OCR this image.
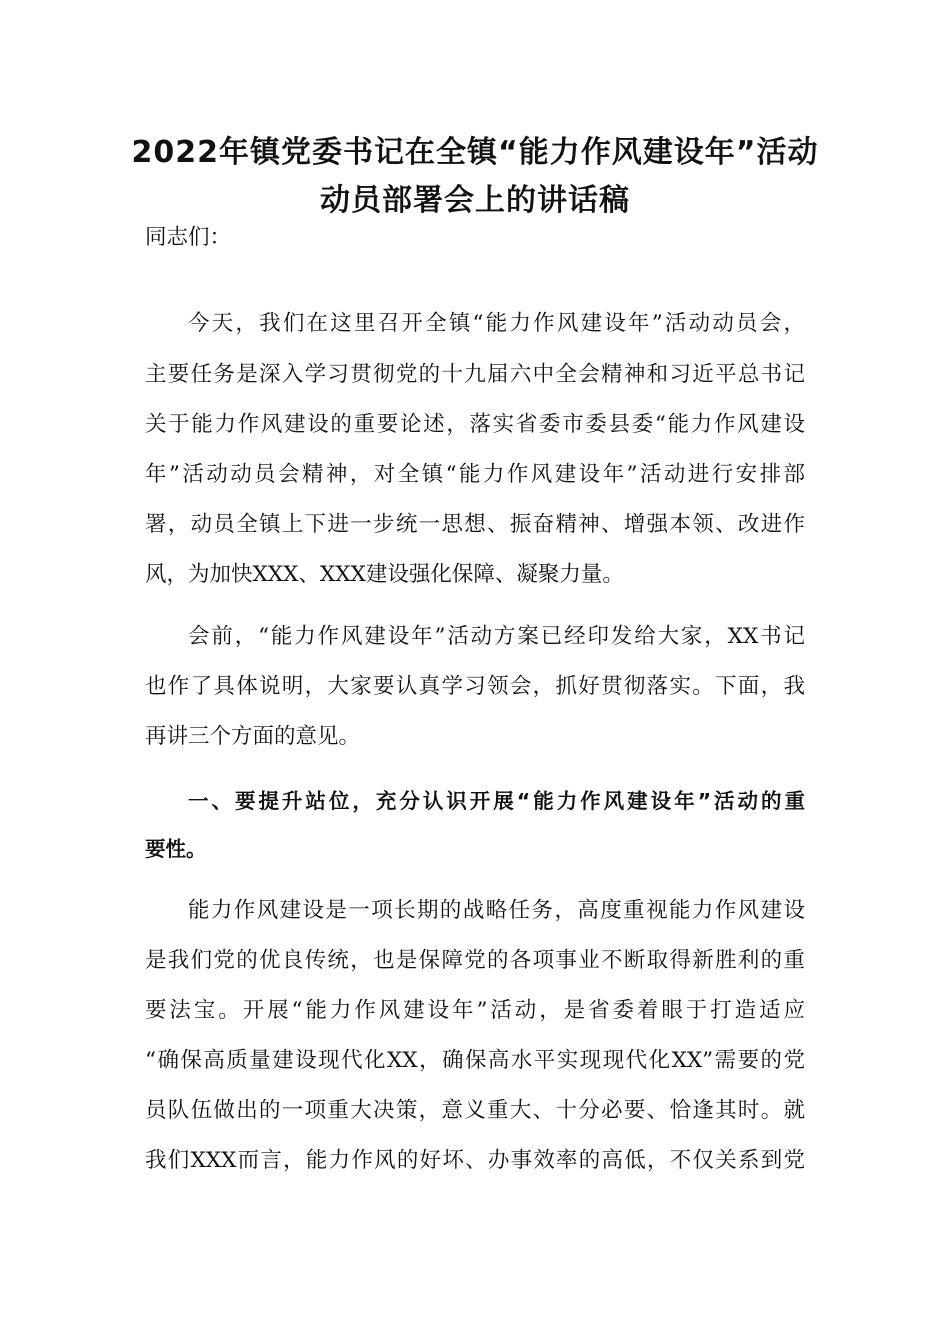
2022年镇党委书记在全镇“能力作风建设年”活动
动员部署会上的讲话稿
同志们：
今天，我们在这里召开全镇“能力作风建设年”活动动员会，
主要任务是深入学习贯彻党的十九届六中全会精神和习近平总书记
关于能力作风建设的重要论述，落实省委市委县委“能力作风建设
年”活动动员会精神，对全镇“能力作风建设年”活动进行安排部
署，动员全镇上下进一步统一思想、振奋精神、增强本领、改进作
风，为加快XXX、XXX建设强化保障、凝聚力量。
会前，“能力作风建设年”活动方案已经印发给大家，XX书记
也作了具体说明，大家要认真学习领会，抓好贯彻落实。下面，我
再讲三个方面的意见。
一、要提升站位，充分认识开展“能力作风建设年”活动的重
要性。
能力作风建设是一项长期的战略任务，高度重视能力作风建设
是我们党的优良传统，也是保障党的各项事业不断取得新胜利的重
要法宝。开展“能力作风建设年”活动，是省委着眼于打造适应
“确保高质量建设现代化XX，确保高水平实现现代化XX”需要的党
员队伍做出的一项重大决策，意义重大、十分必要、恰逢其时。就
我们XXX而言，能力作风的好坏、办事效率的高低，不仅关系到党
